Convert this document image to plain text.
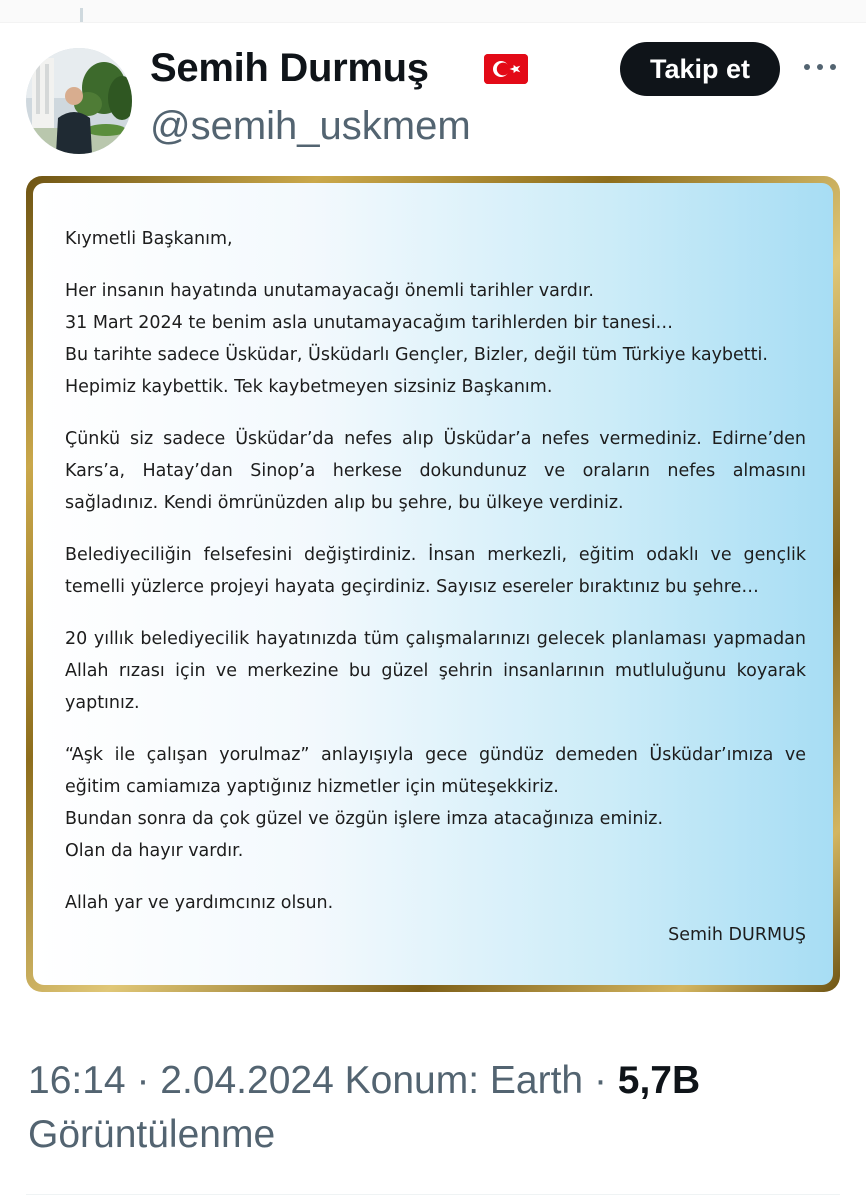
Semih Durmuş
@semih_uskmem
Takip et

Kıymetli Başkanım,

Her insanın hayatında unutamayacağı önemli tarihler vardır.

31 Mart 2024 te benim asla unutamayacağım tarihlerden bir tanesi…

Bu tarihte sadece Üsküdar, Üsküdarlı Gençler, Bizler, değil tüm Türkiye kaybetti.

Hepimiz kaybettik. Tek kaybetmeyen sizsiniz Başkanım.

Çünkü siz sadece Üsküdar’da nefes alıp Üsküdar’a nefes vermediniz. Edirne’den Kars’a, Hatay’dan Sinop’a herkese dokundunuz ve oraların nefes almasını sağladınız. Kendi ömrünüzden alıp bu şehre, bu ülkeye verdiniz.

Belediyeciliğin felsefesini değiştirdiniz. İnsan merkezli, eğitim odaklı ve gençlik temelli yüzlerce projeyi hayata geçirdiniz. Sayısız esereler bıraktınız bu şehre…

20 yıllık belediyecilik hayatınızda tüm çalışmalarınızı gelecek planlaması yapmadan Allah rızası için ve merkezine bu güzel şehrin insanlarının mutluluğunu koyarak yaptınız.

“Aşk ile çalışan yorulmaz” anlayışıyla gece gündüz demeden Üsküdar’ımıza ve eğitim camiamıza yaptığınız hizmetler için müteşekkiriz.

Bundan sonra da çok güzel ve özgün işlere imza atacağınıza eminiz.

Olan da hayır vardır.

Allah yar ve yardımcınız olsun.

Semih DURMUŞ

16:14 · 2.04.2024 Konum: Earth · 5,7B
Görüntülenme
